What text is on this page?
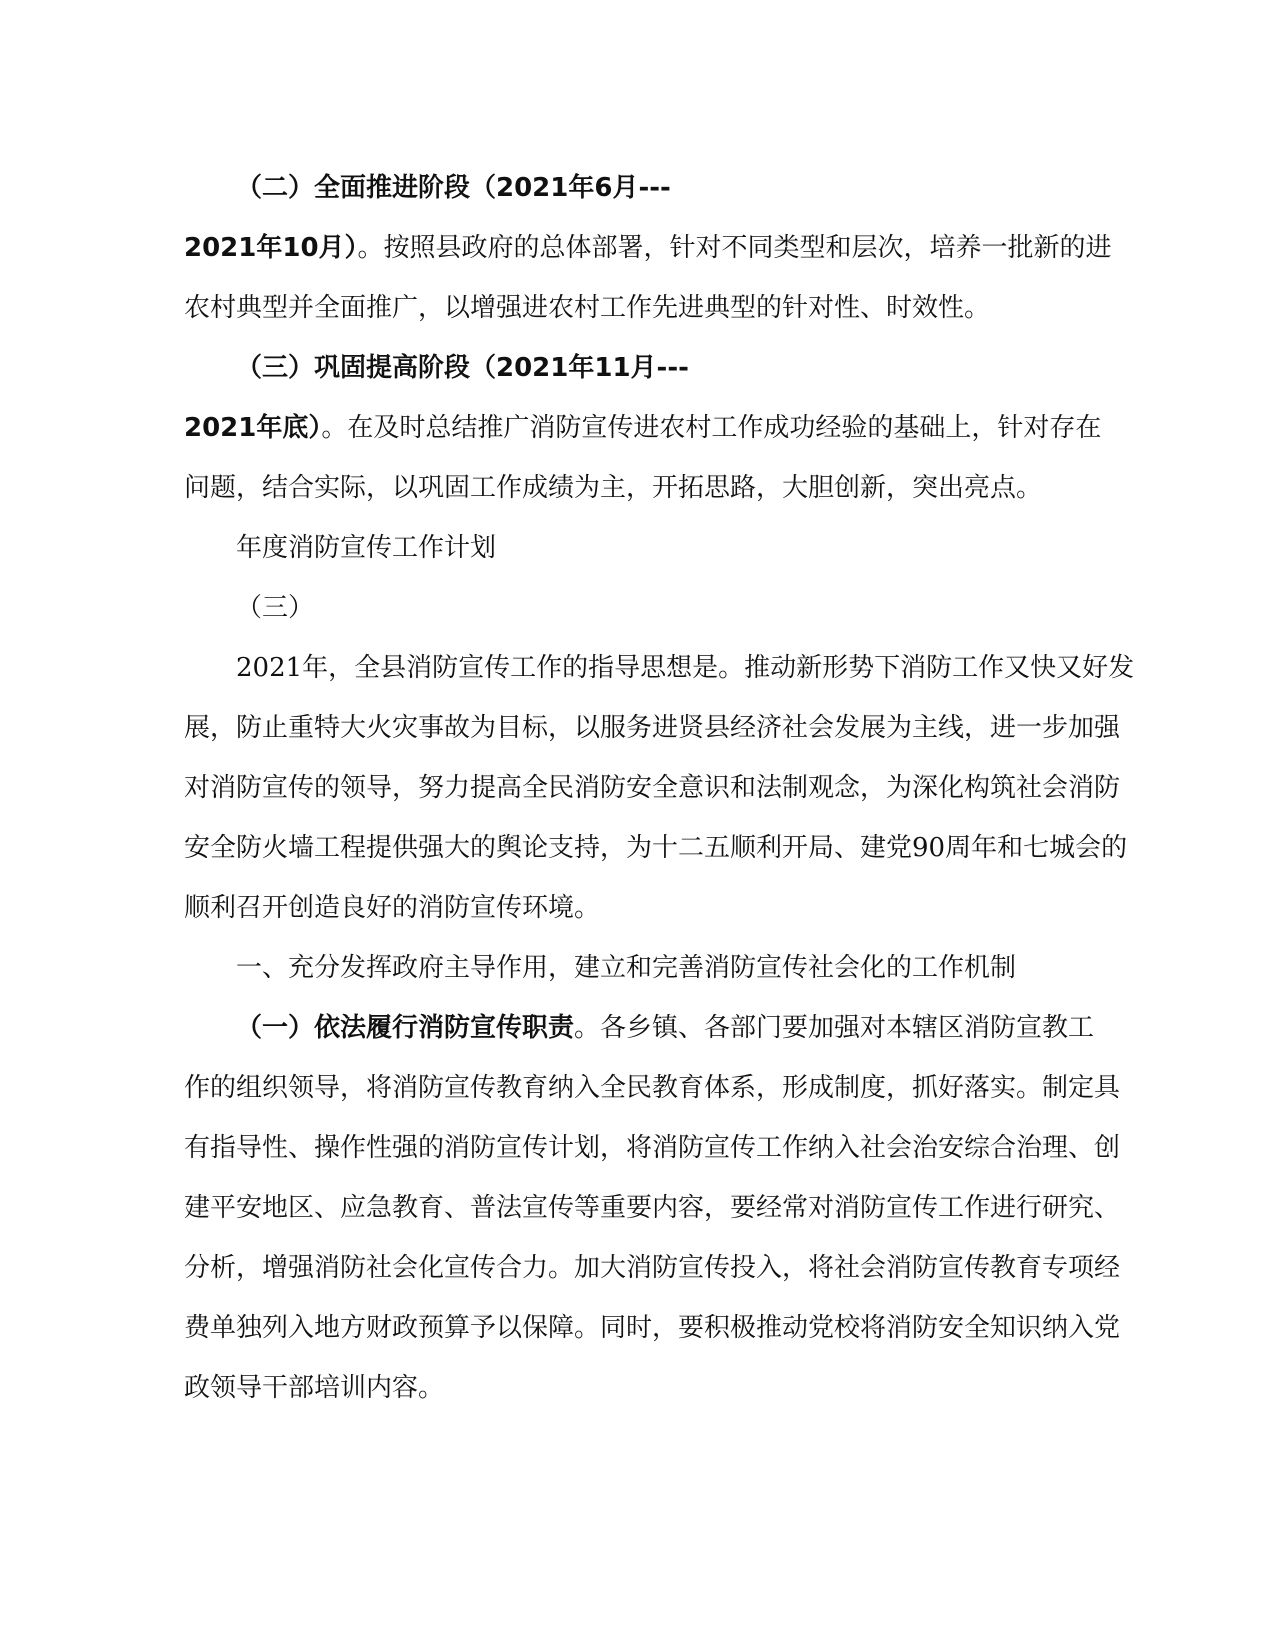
（二）全面推进阶段（2021年6月---
2021年10月）。按照县政府的总体部署，针对不同类型和层次，培养一批新的进
农村典型并全面推广，以增强进农村工作先进典型的针对性、时效性。
（三）巩固提高阶段（2021年11月---
2021年底）。在及时总结推广消防宣传进农村工作成功经验的基础上，针对存在
问题，结合实际，以巩固工作成绩为主，开拓思路，大胆创新，突出亮点。
年度消防宣传工作计划
（三）
2021年，全县消防宣传工作的指导思想是。推动新形势下消防工作又快又好发
展，防止重特大火灾事故为目标，以服务进贤县经济社会发展为主线，进一步加强
对消防宣传的领导，努力提高全民消防安全意识和法制观念，为深化构筑社会消防
安全防火墙工程提供强大的舆论支持，为十二五顺利开局、建党90周年和七城会的
顺利召开创造良好的消防宣传环境。
一、充分发挥政府主导作用，建立和完善消防宣传社会化的工作机制
（一）依法履行消防宣传职责。各乡镇、各部门要加强对本辖区消防宣教工
作的组织领导，将消防宣传教育纳入全民教育体系，形成制度，抓好落实。制定具
有指导性、操作性强的消防宣传计划，将消防宣传工作纳入社会治安综合治理、创
建平安地区、应急教育、普法宣传等重要内容，要经常对消防宣传工作进行研究、
分析，增强消防社会化宣传合力。加大消防宣传投入，将社会消防宣传教育专项经
费单独列入地方财政预算予以保障。同时，要积极推动党校将消防安全知识纳入党
政领导干部培训内容。
